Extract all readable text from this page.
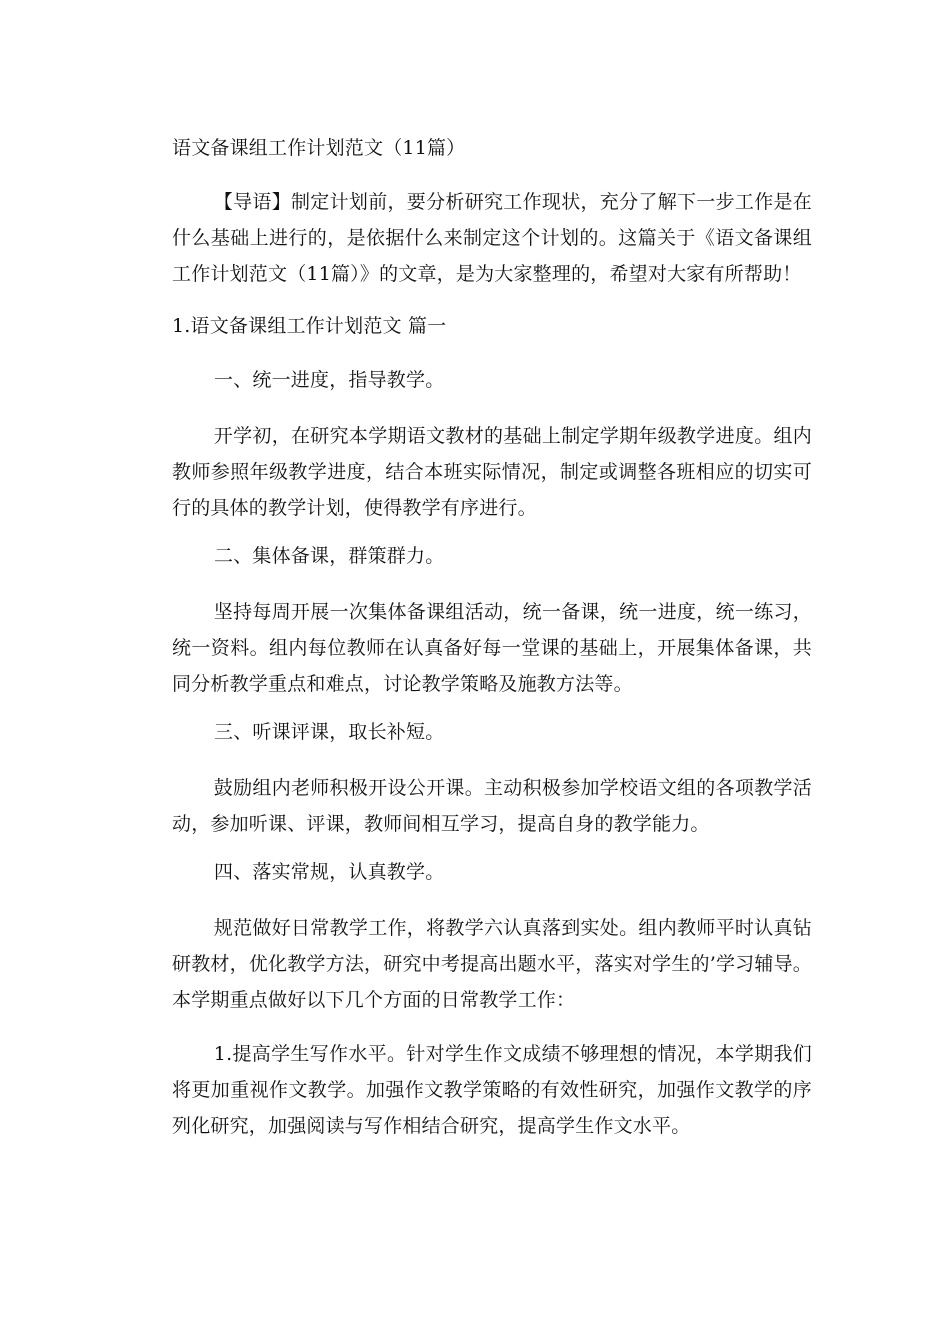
语文备课组工作计划范文（11篇）

【导语】制定计划前，要分析研究工作现状，充分了解下一步工作是在什么基础上进行的，是依据什么来制定这个计划的。这篇关于《语文备课组工作计划范文（11篇）》的文章，是为大家整理的，希望对大家有所帮助！

1.语文备课组工作计划范文 篇一
一、统一进度，指导教学。

开学初，在研究本学期语文教材的基础上制定学期年级教学进度。组内教师参照年级教学进度，结合本班实际情况，制定或调整各班相应的切实可行的具体的教学计划，使得教学有序进行。

二、集体备课，群策群力。

坚持每周开展一次集体备课组活动，统一备课，统一进度，统一练习，统一资料。组内每位教师在认真备好每一堂课的基础上，开展集体备课，共同分析教学重点和难点，讨论教学策略及施教方法等。

三、听课评课，取长补短。

鼓励组内老师积极开设公开课。主动积极参加学校语文组的各项教学活动，参加听课、评课，教师间相互学习，提高自身的教学能力。

四、落实常规，认真教学。

规范做好日常教学工作，将教学六认真落到实处。组内教师平时认真钻研教材，优化教学方法，研究中考提高出题水平，落实对学生的’学习辅导。本学期重点做好以下几个方面的日常教学工作：

1.提高学生写作水平。针对学生作文成绩不够理想的情况，本学期我们将更加重视作文教学。加强作文教学策略的有效性研究，加强作文教学的序列化研究，加强阅读与写作相结合研究，提高学生作文水平。
